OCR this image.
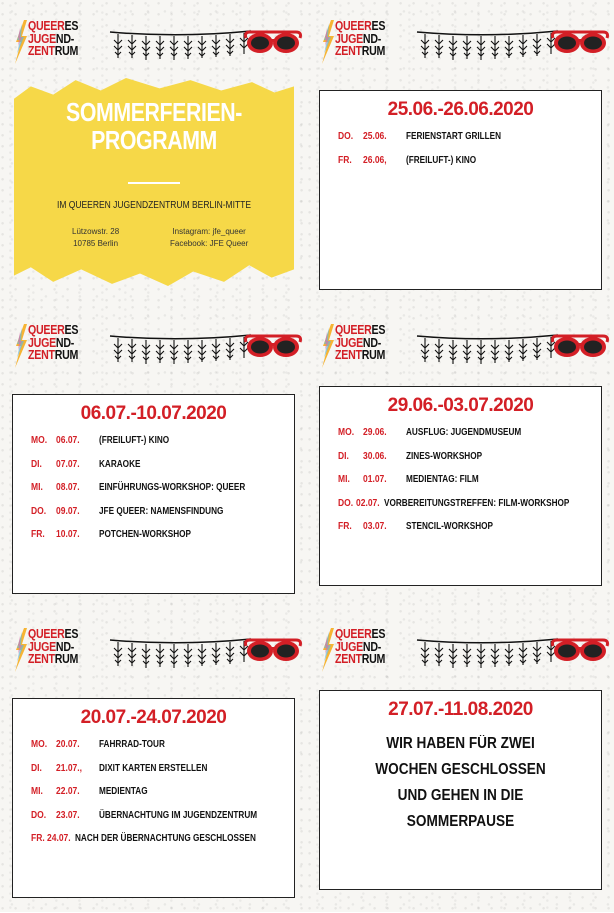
QUEERES
JUGEND-
ZENTRUM
SOMMERFERIEN-
PROGRAMM
IM QUEEREN JUGENDZENTRUM BERLIN-MITTE
Lützowstr. 28
10785 Berlin
Instagram: jfe_queer
Facebook: JFE Queer
QUEERES
JUGEND-
ZENTRUM
25.06.-26.06.2020
DO. 25.06.	FERIENSTART GRILLEN
FR.	26.06,	(FREILUFT-) KINO
QUEERES
JUGEND-
ZENTRUM
06.07.-10.07.2020
MO. 06.07.	(FREILUFT-) KINO
DI.	07.07.	KARAOKE
MI.	08.07.	EINFÜHRUNGS-WORKSHOP: QUEER
DO. 09.07.	JFE QUEER: NAMENSFINDUNG
FR.	10.07.	POTCHEN-WORKSHOP
QUEERES
JUGEND-
ZENTRUM
29.06.-03.07.2020
MO. 29.06.	AUSFLUG: JUGENDMUSEUM
DI.	30.06.	ZINES-WORKSHOP
MI.	01.07.	MEDIENTAG: FILM
DO. 02.07. VORBEREITUNGSTREFFEN: FILM-WORKSHOP
FR.	03.07.	STENCIL-WORKSHOP
QUEERES
JUGEND-
ZENTRUM
20.07.-24.07.2020
MO. 20.07.	FAHRRAD-TOUR
DI.	21.07.,	DIXIT KARTEN ERSTELLEN
MI.	22.07.	MEDIENTAG
DO. 23.07.	ÜBERNACHTUNG IM JUGENDZENTRUM
FR. 24.07. NACH DER ÜBERNACHTUNG GESCHLOSSEN
QUEERES
JUGEND-
ZENTRUM
27.07.-11.08.2020
WIR HABEN FÜR ZWEI
WOCHEN GESCHLOSSEN
UND GEHEN IN DIE
SOMMERPAUSE
